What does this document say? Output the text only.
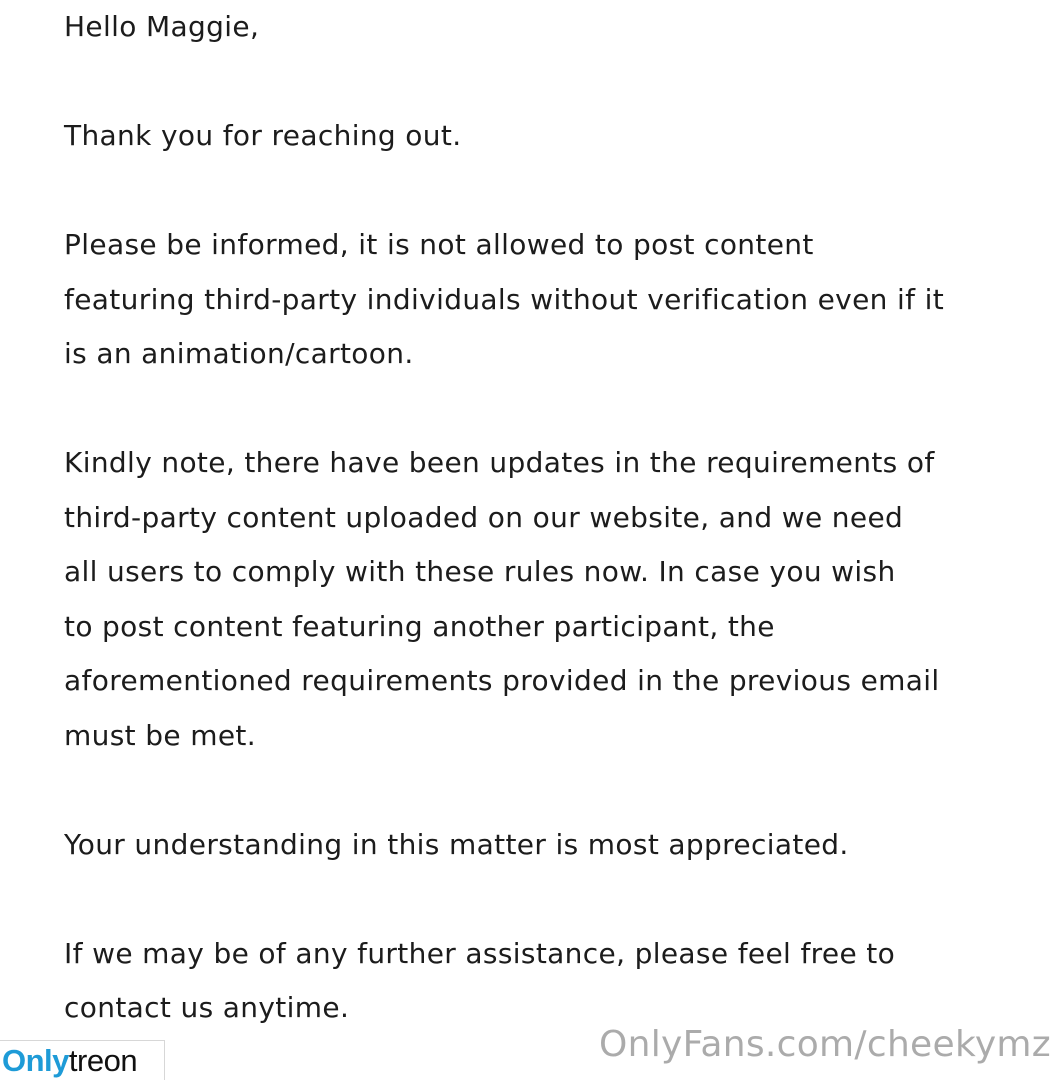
Hello Maggie,

Thank you for reaching out.

Please be informed, it is not allowed to post content
featuring third-party individuals without verification even if it
is an animation/cartoon.

Kindly note, there have been updates in the requirements of
third-party content uploaded on our website, and we need
all users to comply with these rules now. In case you wish
to post content featuring another participant, the
aforementioned requirements provided in the previous email
must be met.

Your understanding in this matter is most appreciated.

If we may be of any further assistance, please feel free to
contact us anytime.

OnlyFans.com/cheekymz
Only treon
